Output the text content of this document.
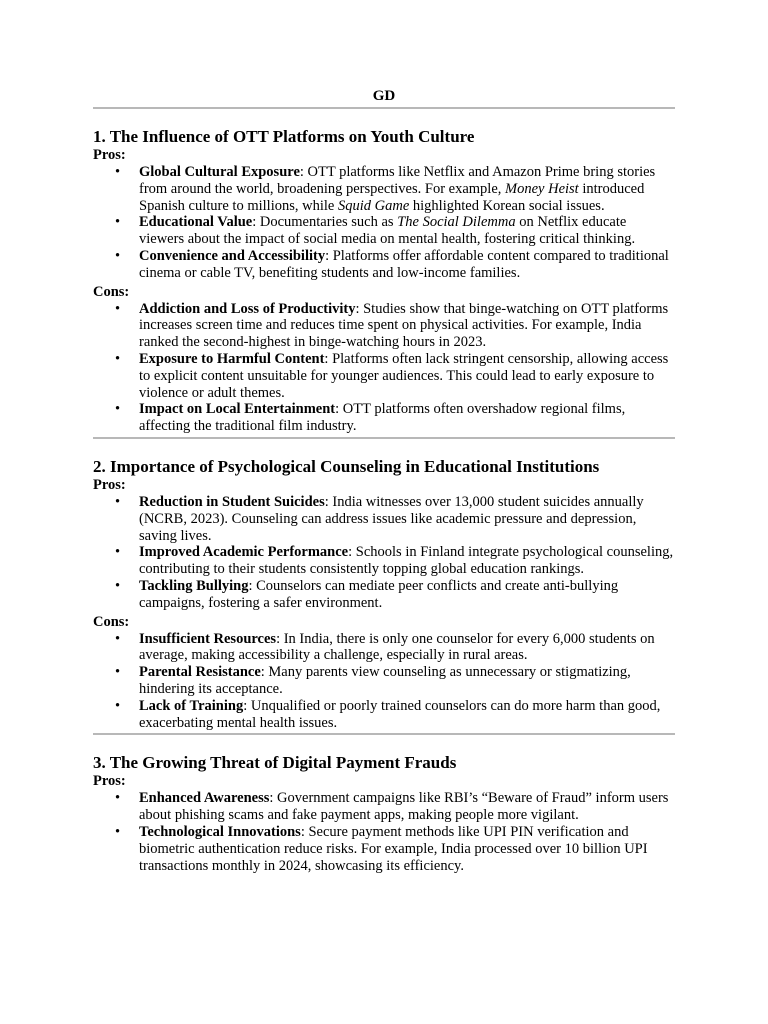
GD
1. The Influence of OTT Platforms on Youth Culture
Pros:
• Global Cultural Exposure: OTT platforms like Netflix and Amazon Prime bring stories from around the world, broadening perspectives. For example, Money Heist introduced Spanish culture to millions, while Squid Game highlighted Korean social issues.
• Educational Value: Documentaries such as The Social Dilemma on Netflix educate viewers about the impact of social media on mental health, fostering critical thinking.
• Convenience and Accessibility: Platforms offer affordable content compared to traditional cinema or cable TV, benefiting students and low-income families.
Cons:
• Addiction and Loss of Productivity: Studies show that binge-watching on OTT platforms increases screen time and reduces time spent on physical activities. For example, India ranked the second-highest in binge-watching hours in 2023.
• Exposure to Harmful Content: Platforms often lack stringent censorship, allowing access to explicit content unsuitable for younger audiences. This could lead to early exposure to violence or adult themes.
• Impact on Local Entertainment: OTT platforms often overshadow regional films, affecting the traditional film industry.
2. Importance of Psychological Counseling in Educational Institutions
Pros:
• Reduction in Student Suicides: India witnesses over 13,000 student suicides annually (NCRB, 2023). Counseling can address issues like academic pressure and depression, saving lives.
• Improved Academic Performance: Schools in Finland integrate psychological counseling, contributing to their students consistently topping global education rankings.
• Tackling Bullying: Counselors can mediate peer conflicts and create anti-bullying campaigns, fostering a safer environment.
Cons:
• Insufficient Resources: In India, there is only one counselor for every 6,000 students on average, making accessibility a challenge, especially in rural areas.
• Parental Resistance: Many parents view counseling as unnecessary or stigmatizing, hindering its acceptance.
• Lack of Training: Unqualified or poorly trained counselors can do more harm than good, exacerbating mental health issues.
3. The Growing Threat of Digital Payment Frauds
Pros:
• Enhanced Awareness: Government campaigns like RBI’s “Beware of Fraud” inform users about phishing scams and fake payment apps, making people more vigilant.
• Technological Innovations: Secure payment methods like UPI PIN verification and biometric authentication reduce risks. For example, India processed over 10 billion UPI transactions monthly in 2024, showcasing its efficiency.
